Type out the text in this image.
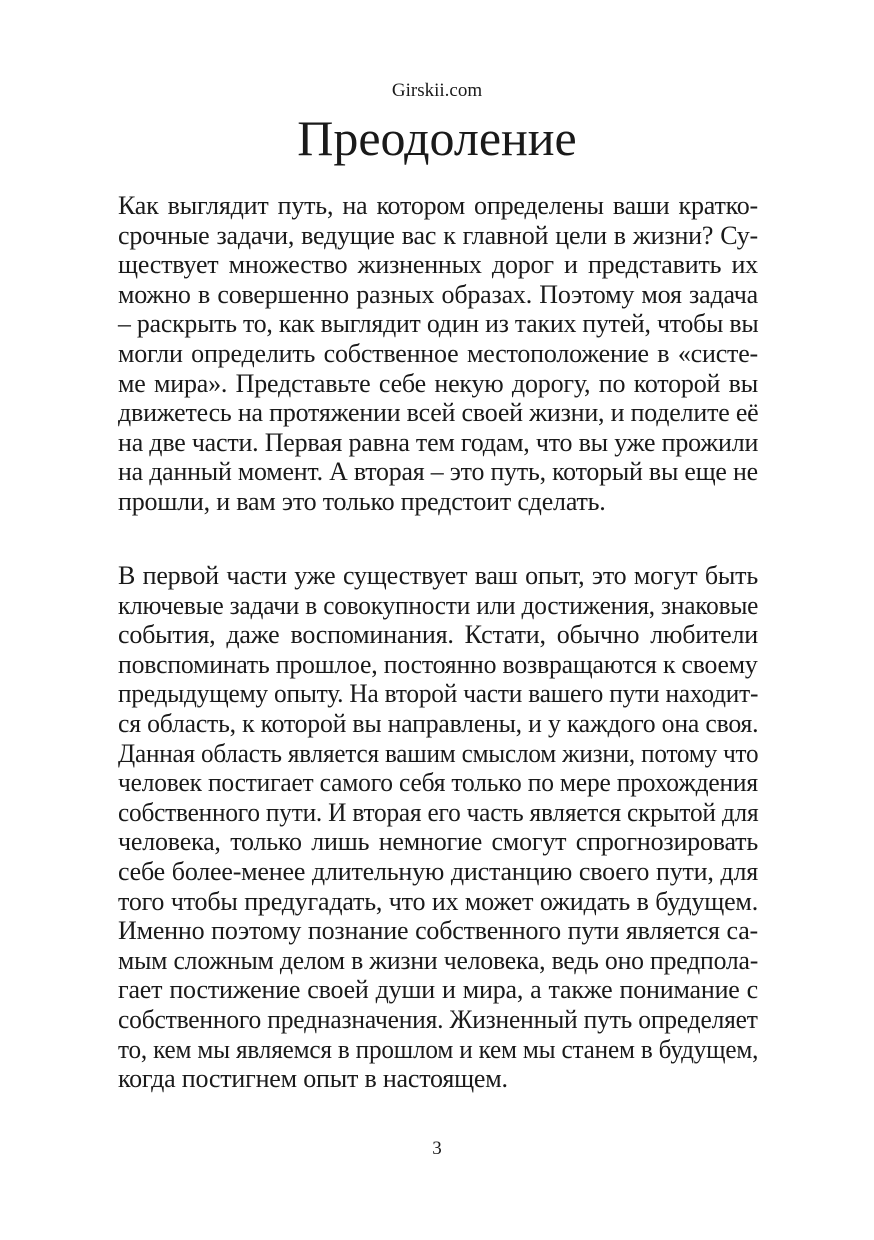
Girskii.com
Преодоление
Как выглядит путь, на котором определены ваши кратко-
срочные задачи, ведущие вас к главной цели в жизни? Су-
ществует множество жизненных дорог и представить их
можно в совершенно разных образах. Поэтому моя задача
– раскрыть то, как выглядит один из таких путей, чтобы вы
могли определить собственное местоположение в «систе-
ме мира». Представьте себе некую дорогу, по которой вы
движетесь на протяжении всей своей жизни, и поделите её
на две части. Первая равна тем годам, что вы уже прожили
на данный момент. А вторая – это путь, который вы еще не
прошли, и вам это только предстоит сделать.
В первой части уже существует ваш опыт, это могут быть
ключевые задачи в совокупности или достижения, знаковые
события, даже воспоминания. Кстати, обычно любители
повспоминать прошлое, постоянно возвращаются к своему
предыдущему опыту. На второй части вашего пути находит-
ся область, к которой вы направлены, и у каждого она своя.
Данная область является вашим смыслом жизни, потому что
человек постигает самого себя только по мере прохождения
собственного пути. И вторая его часть является скрытой для
человека, только лишь немногие смогут спрогнозировать
себе более-менее длительную дистанцию своего пути, для
того чтобы предугадать, что их может ожидать в будущем.
Именно поэтому познание собственного пути является са-
мым сложным делом в жизни человека, ведь оно предпола-
гает постижение своей души и мира, а также понимание с
собственного предназначения. Жизненный путь определяет
то, кем мы являемся в прошлом и кем мы станем в будущем,
когда постигнем опыт в настоящем.
3
